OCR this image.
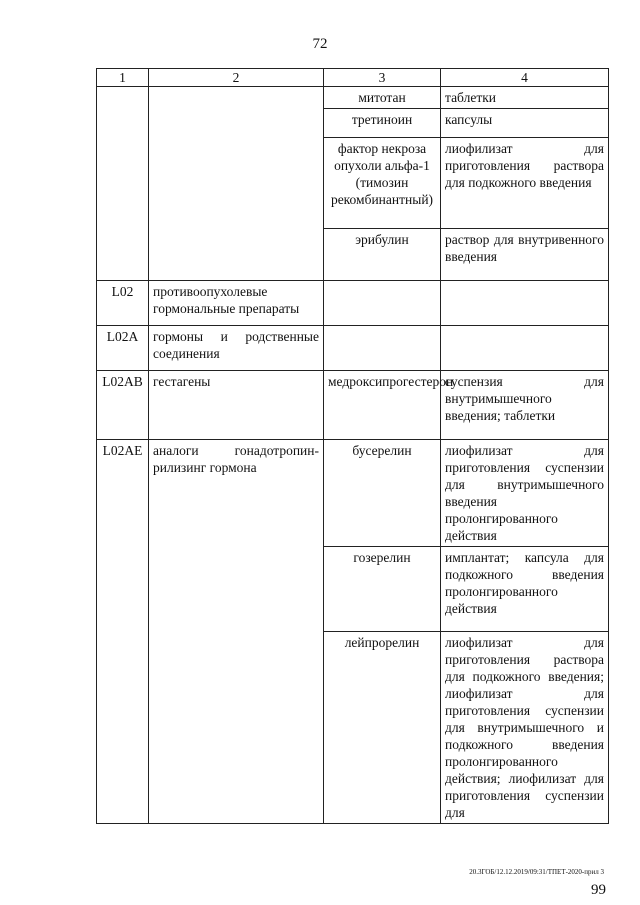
72
1	2	3	4
		митотан	таблетки
		третиноин	капсулы
		фактор некроза опухоли альфа-1 (тимозин рекомбинантный)	лиофилизат для приготовления раствора для подкожного введения
		эрибулин	раствор для внутривенного введения
L02	противоопухолевые гормональные препараты		
L02A	гормоны и родственные соединения		
L02AB	гестагены	медроксипрогестерон	суспензия для внутримышечного введения; таблетки
L02AE	аналоги гонадотропин-рилизинг гормона	бусерелин	лиофилизат для приготовления суспензии для внутримышечного введения пролонгированного действия
		гозерелин	имплантат; капсула для подкожного введения пролонгированного действия
		лейпрорелин	лиофилизат для приготовления раствора для подкожного введения; лиофилизат для приготовления суспензии для внутримышечного и подкожного введения пролонгированного действия; лиофилизат для приготовления суспензии для
20.3ГОБ/12.12.2019/09:31/ТПЕТ-2020-прил 3
99
